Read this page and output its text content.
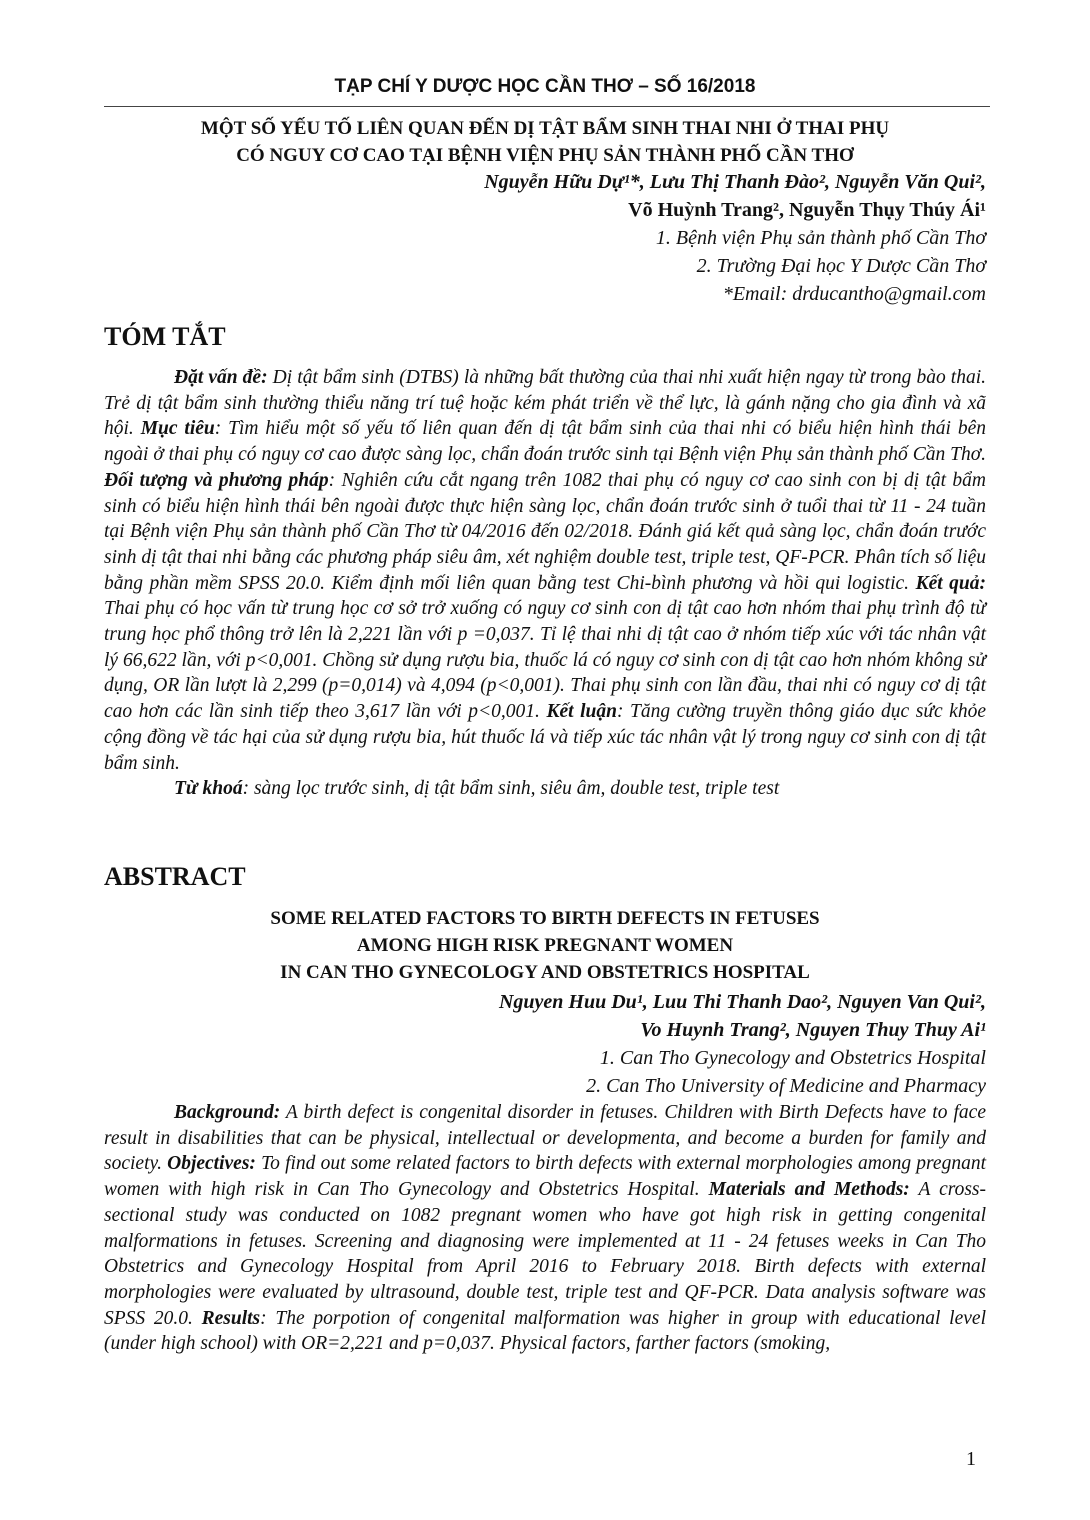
TẠP CHÍ Y DƯỢC HỌC CẦN THƠ – SỐ 16/2018
MỘT SỐ YẾU TỐ LIÊN QUAN ĐẾN DỊ TẬT BẨM SINH THAI NHI Ở THAI PHỤ
CÓ NGUY CƠ CAO TẠI BỆNH VIỆN PHỤ SẢN THÀNH PHỐ CẦN THƠ
Nguyễn Hữu Dự¹*, Lưu Thị Thanh Đào², Nguyễn Văn Qui²,
Võ Huỳnh Trang², Nguyễn Thụy Thúy Ái¹
1. Bệnh viện Phụ sản thành phố Cần Thơ
2. Trường Đại học Y Dược Cần Thơ
*Email: drducantho@gmail.com
TÓM TẮT
Đặt vấn đề: Dị tật bẩm sinh (DTBS) là những bất thường của thai nhi xuất hiện ngay từ trong bào thai. Trẻ dị tật bẩm sinh thường thiểu năng trí tuệ hoặc kém phát triển về thể lực, là gánh nặng cho gia đình và xã hội. Mục tiêu: Tìm hiểu một số yếu tố liên quan đến dị tật bẩm sinh của thai nhi có biểu hiện hình thái bên ngoài ở thai phụ có nguy cơ cao được sàng lọc, chẩn đoán trước sinh tại Bệnh viện Phụ sản thành phố Cần Thơ. Đối tượng và phương pháp: Nghiên cứu cắt ngang trên 1082 thai phụ có nguy cơ cao sinh con bị dị tật bẩm sinh có biểu hiện hình thái bên ngoài được thực hiện sàng lọc, chẩn đoán trước sinh ở tuổi thai từ 11 - 24 tuần tại Bệnh viện Phụ sản thành phố Cần Thơ từ 04/2016 đến 02/2018. Đánh giá kết quả sàng lọc, chẩn đoán trước sinh dị tật thai nhi bằng các phương pháp siêu âm, xét nghiệm double test, triple test, QF-PCR. Phân tích số liệu bằng phần mềm SPSS 20.0. Kiểm định mối liên quan bằng test Chi-bình phương và hồi qui logistic. Kết quả: Thai phụ có học vấn từ trung học cơ sở trở xuống có nguy cơ sinh con dị tật cao hơn nhóm thai phụ trình độ từ trung học phổ thông trở lên là 2,221 lần với p =0,037. Tỉ lệ thai nhi dị tật cao ở nhóm tiếp xúc với tác nhân vật lý 66,622 lần, với p<0,001. Chồng sử dụng rượu bia, thuốc lá có nguy cơ sinh con dị tật cao hơn nhóm không sử dụng, OR lần lượt là 2,299 (p=0,014) và 4,094 (p<0,001). Thai phụ sinh con lần đầu, thai nhi có nguy cơ dị tật cao hơn các lần sinh tiếp theo 3,617 lần với p<0,001. Kết luận: Tăng cường truyền thông giáo dục sức khỏe cộng đồng về tác hại của sử dụng rượu bia, hút thuốc lá và tiếp xúc tác nhân vật lý trong nguy cơ sinh con dị tật bẩm sinh.
Từ khoá: sàng lọc trước sinh, dị tật bẩm sinh, siêu âm, double test, triple test
ABSTRACT
SOME RELATED FACTORS TO BIRTH DEFECTS IN FETUSES
AMONG HIGH RISK PREGNANT WOMEN
IN CAN THO GYNECOLOGY AND OBSTETRICS HOSPITAL
Nguyen Huu Du¹, Luu Thi Thanh Dao², Nguyen Van Qui²,
Vo Huynh Trang², Nguyen Thuy Thuy Ai¹
1. Can Tho Gynecology and Obstetrics Hospital
2. Can Tho University of Medicine and Pharmacy
Background: A birth defect is congenital disorder in fetuses. Children with Birth Defects have to face result in disabilities that can be physical, intellectual or developmenta, and become a burden for family and society. Objectives: To find out some related factors to birth defects with external morphologies among pregnant women with high risk in Can Tho Gynecology and Obstetrics Hospital. Materials and Methods: A cross-sectional study was conducted on 1082 pregnant women who have got high risk in getting congenital malformations in fetuses. Screening and diagnosing were implemented at 11 - 24 fetuses weeks in Can Tho Obstetrics and Gynecology Hospital from April 2016 to February 2018. Birth defects with external morphologies were evaluated by ultrasound, double test, triple test and QF-PCR. Data analysis software was SPSS 20.0. Results: The porpotion of congenital malformation was higher in group with educational level (under high school) with OR=2,221 and p=0,037. Physical factors, farther factors (smoking,
1
